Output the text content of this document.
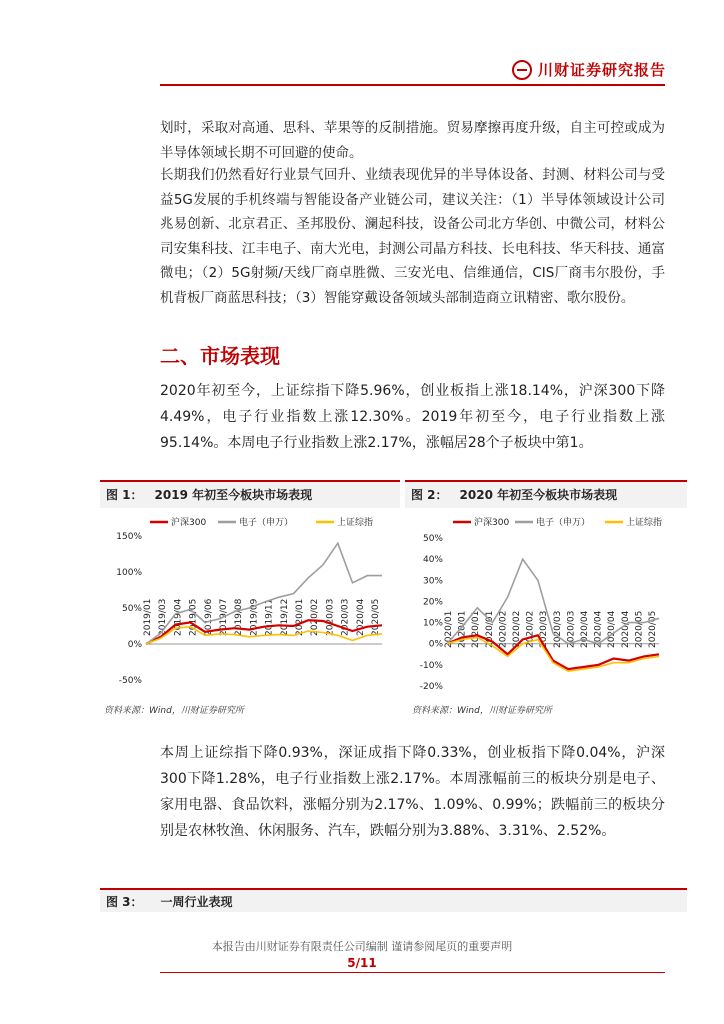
川财证券研究报告
划时，采取对高通、思科、苹果等的反制措施。贸易摩擦再度升级，自主可控或成为半导体领域长期不可回避的使命。
长期我们仍然看好行业景气回升、业绩表现优异的半导体设备、封测、材料公司与受益5G发展的手机终端与智能设备产业链公司，建议关注：（1）半导体领域设计公司兆易创新、北京君正、圣邦股份、澜起科技，设备公司北方华创、中微公司，材料公司安集科技、江丰电子、南大光电，封测公司晶方科技、长电科技、华天科技、通富微电；（2）5G射频/天线厂商卓胜微、三安光电、信维通信，CIS厂商韦尔股份，手机背板厂商蓝思科技；（3）智能穿戴设备领域头部制造商立讯精密、歌尔股份。
二、市场表现
2020年初至今，上证综指下降5.96%，创业板指上涨18.14%，沪深300下降4.49%，电子行业指数上涨12.30%。2019年初至今，电子行业指数上涨95.14%。本周电子行业指数上涨2.17%，涨幅居28个子板块中第1。
图 1： 2019 年初至今板块市场表现
150%
100%
50%
0%
-50%
2019/01 2019/03 2019/04 2019/05 2019/06 2019/07 2019/08 2019/09 2019/11 2019/12 2020/01 2020/02 2020/03 2020/03 2020/04 2020/05
沪深300	电子（申万）	上证综指
图 2： 2020 年初至今板块市场表现
50%
40%
30%
20%
10%
0%
-10%
-20%
2020/01 2020/01 2020/01 2020/01 2020/02 2020/02 2020/02 2020/03 2020/03 2020/03 2020/04 2020/04 2020/04 2020/04 2020/05 2020/05
沪深300	电子（申万）	上证综指
资料来源：Wind，川财证券研究所	资料来源：Wind，川财证券研究所
本周上证综指下降0.93%，深证成指下降0.33%，创业板指下降0.04%，沪深300下降1.28%，电子行业指数上涨2.17%。本周涨幅前三的板块分别是电子、家用电器、食品饮料，涨幅分别为2.17%、1.09%、0.99%；跌幅前三的板块分别是农林牧渔、休闲服务、汽车，跌幅分别为3.88%、3.31%、2.52%。
图 3： 一周行业表现
本报告由川财证券有限责任公司编制 谨请参阅尾页的重要声明
5/11
